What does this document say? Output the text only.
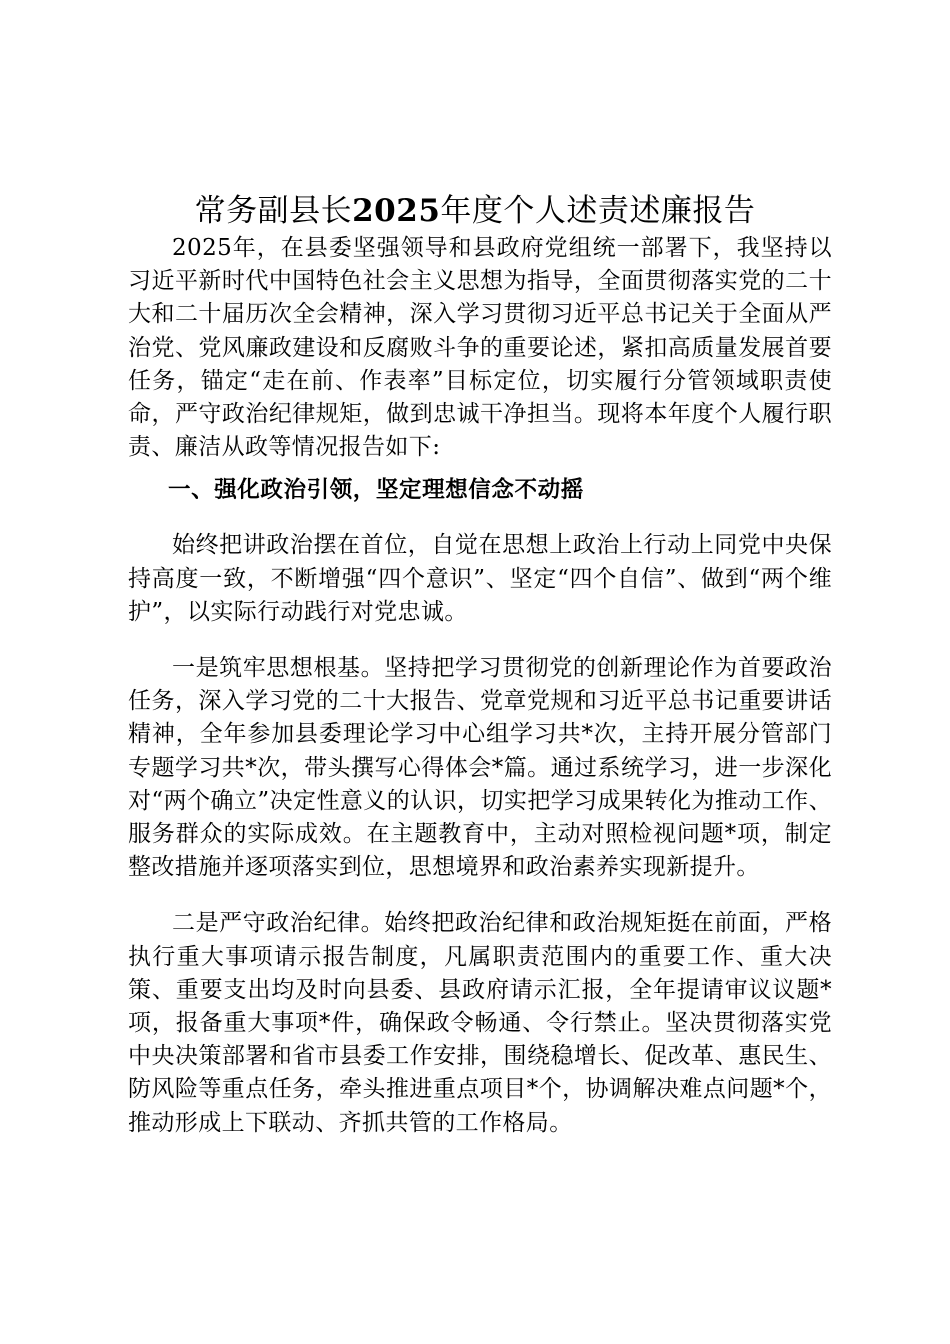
常务副县长2025年度个人述责述廉报告

2025年，在县委坚强领导和县政府党组统一部署下，我坚持以习近平新时代中国特色社会主义思想为指导，全面贯彻落实党的二十大和二十届历次全会精神，深入学习贯彻习近平总书记关于全面从严治党、党风廉政建设和反腐败斗争的重要论述，紧扣高质量发展首要任务，锚定“走在前、作表率”目标定位，切实履行分管领域职责使命，严守政治纪律规矩，做到忠诚干净担当。现将本年度个人履行职责、廉洁从政等情况报告如下:

一、强化政治引领，坚定理想信念不动摇

始终把讲政治摆在首位，自觉在思想上政治上行动上同党中央保持高度一致，不断增强“四个意识”、坚定“四个自信”、做到“两个维护”，以实际行动践行对党忠诚。

一是筑牢思想根基。坚持把学习贯彻党的创新理论作为首要政治任务，深入学习党的二十大报告、党章党规和习近平总书记重要讲话精神，全年参加县委理论学习中心组学习共*次，主持开展分管部门专题学习共*次，带头撰写心得体会*篇。通过系统学习，进一步深化对“两个确立”决定性意义的认识，切实把学习成果转化为推动工作、服务群众的实际成效。在主题教育中，主动对照检视问题*项，制定整改措施并逐项落实到位，思想境界和政治素养实现新提升。

二是严守政治纪律。始终把政治纪律和政治规矩挺在前面，严格执行重大事项请示报告制度，凡属职责范围内的重要工作、重大决策、重要支出均及时向县委、县政府请示汇报，全年提请审议议题*项，报备重大事项*件，确保政令畅通、令行禁止。坚决贯彻落实党中央决策部署和省市县委工作安排，围绕稳增长、促改革、惠民生、防风险等重点任务，牵头推进重点项目*个，协调解决难点问题*个，推动形成上下联动、齐抓共管的工作格局。
